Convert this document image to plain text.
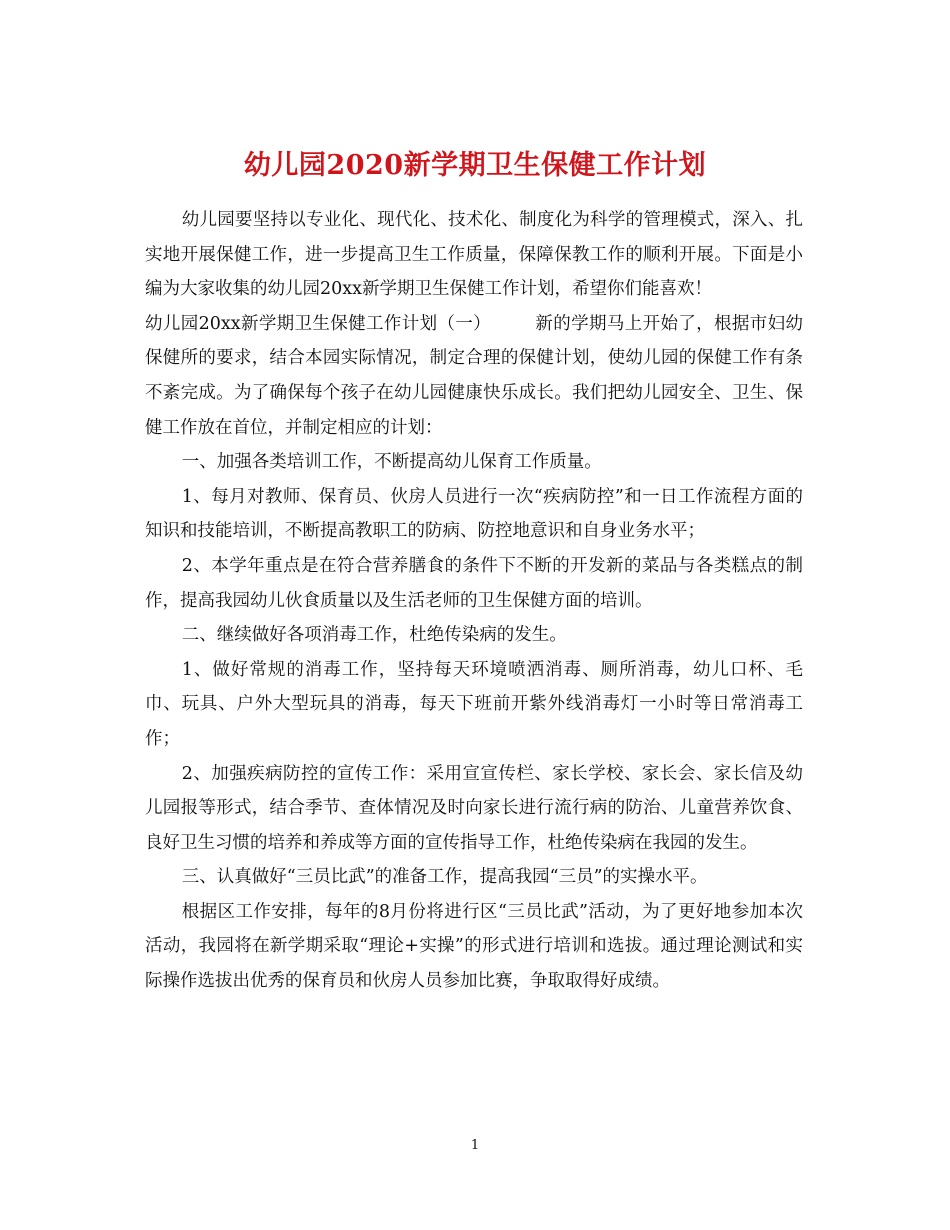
幼儿园2020新学期卫生保健工作计划

幼儿园要坚持以专业化、现代化、技术化、制度化为科学的管理模式，深入、扎实地开展保健工作，进一步提高卫生工作质量，保障保教工作的顺利开展。下面是小编为大家收集的幼儿园20xx新学期卫生保健工作计划，希望你们能喜欢！

幼儿园20xx新学期卫生保健工作计划（一）	新的学期马上开始了，根据市妇幼保健所的要求，结合本园实际情况，制定合理的保健计划，使幼儿园的保健工作有条不紊完成。为了确保每个孩子在幼儿园健康快乐成长。我们把幼儿园安全、卫生、保健工作放在首位，并制定相应的计划：

一、加强各类培训工作，不断提高幼儿保育工作质量。

1、每月对教师、保育员、伙房人员进行一次“疾病防控”和一日工作流程方面的知识和技能培训，不断提高教职工的防病、防控地意识和自身业务水平；

2、本学年重点是在符合营养膳食的条件下不断的开发新的菜品与各类糕点的制作，提高我园幼儿伙食质量以及生活老师的卫生保健方面的培训。

二、继续做好各项消毒工作，杜绝传染病的发生。

1、做好常规的消毒工作，坚持每天环境喷洒消毒、厕所消毒，幼儿口杯、毛巾、玩具、户外大型玩具的消毒，每天下班前开紫外线消毒灯一小时等日常消毒工作；

2、加强疾病防控的宣传工作：采用宣宣传栏、家长学校、家长会、家长信及幼儿园报等形式，结合季节、查体情况及时向家长进行流行病的防治、儿童营养饮食、良好卫生习惯的培养和养成等方面的宣传指导工作，杜绝传染病在我园的发生。

三、认真做好“三员比武”的准备工作，提高我园“三员”的实操水平。

根据区工作安排，每年的8月份将进行区“三员比武”活动，为了更好地参加本次活动，我园将在新学期采取“理论+实操”的形式进行培训和选拔。通过理论测试和实际操作选拔出优秀的保育员和伙房人员参加比赛，争取取得好成绩。

1
